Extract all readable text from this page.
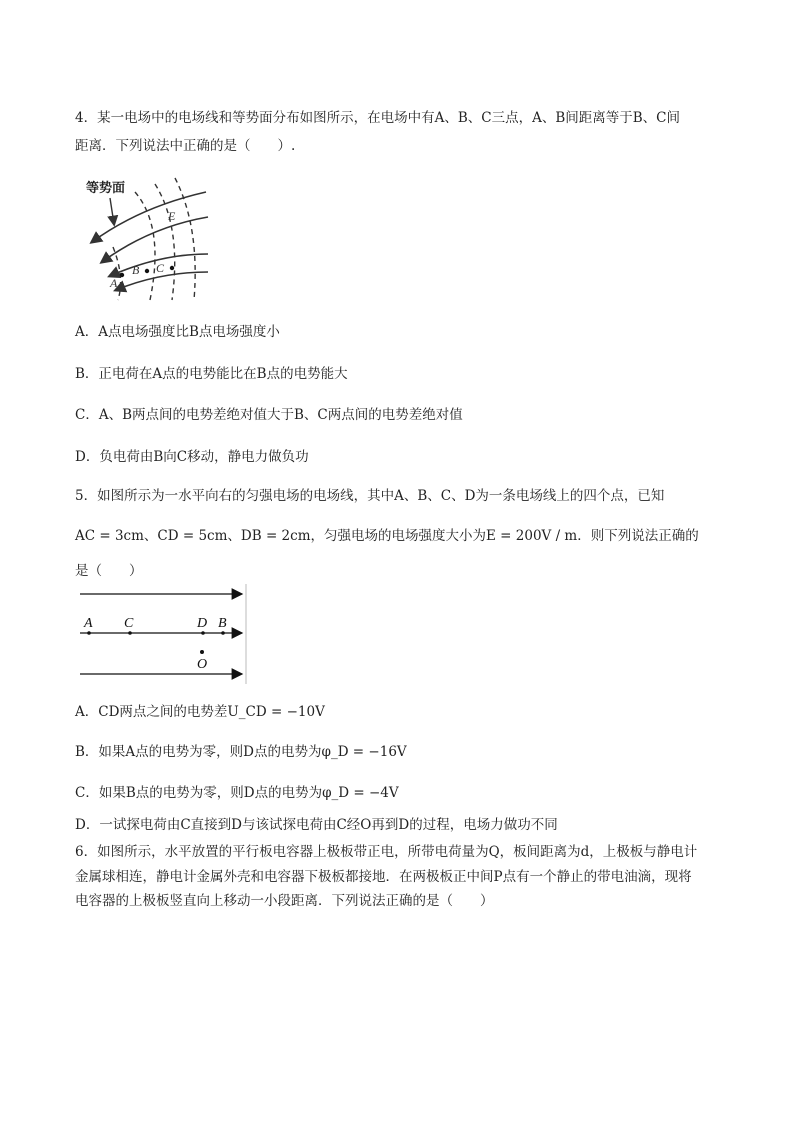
4．某一电场中的电场线和等势面分布如图所示，在电场中有A、B、C三点，A、B间距离等于B、C间
距离．下列说法中正确的是（　　）.
等势面
E
A
B C
A．A点电场强度比B点电场强度小
B．正电荷在A点的电势能比在B点的电势能大
C．A、B两点间的电势差绝对值大于B、C两点间的电势差绝对值
D．负电荷由B向C移动，静电力做负功
5．如图所示为一水平向右的匀强电场的电场线，其中A、B、C、D为一条电场线上的四个点，已知
AC = 3cm、CD = 5cm、DB = 2cm，匀强电场的电场强度大小为E = 200V / m．则下列说法正确的
是（　　）
A C	D B
O
A．CD两点之间的电势差U_CD = −10V
B．如果A点的电势为零，则D点的电势为φ_D = −16V
C．如果B点的电势为零，则D点的电势为φ_D = −4V
D．一试探电荷由C直接到D与该试探电荷由C经O再到D的过程，电场力做功不同
6．如图所示，水平放置的平行板电容器上极板带正电，所带电荷量为Q，板间距离为d，上极板与静电计
金属球相连，静电计金属外壳和电容器下极板都接地．在两极板正中间P点有一个静止的带电油滴，现将
电容器的上极板竖直向上移动一小段距离．下列说法正确的是（　　）
